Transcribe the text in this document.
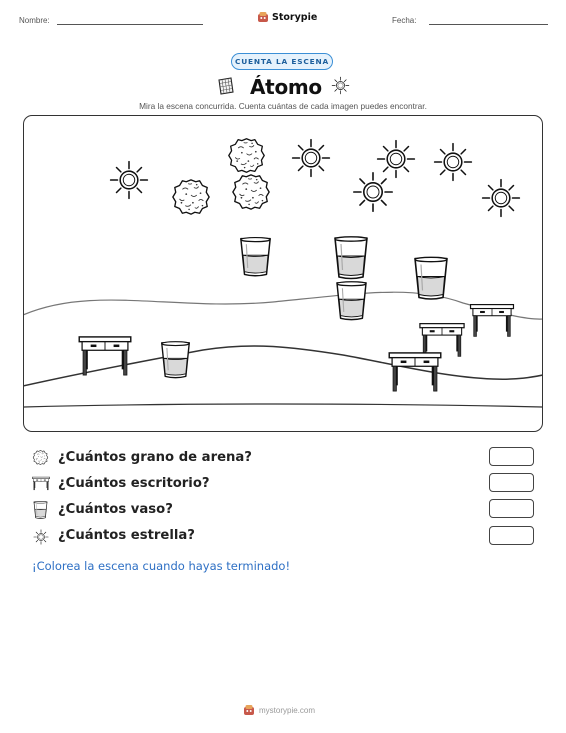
Nombre:	Storypie	Fecha:
CUENTA LA ESCENA
Átomo
Mira la escena concurrida. Cuenta cuántas de cada imagen puedes encontrar.
¿Cuántos grano de arena?
¿Cuántos escritorio?
¿Cuántos vaso?
¿Cuántos estrella?
¡Colorea la escena cuando hayas terminado!
mystorypie.com
